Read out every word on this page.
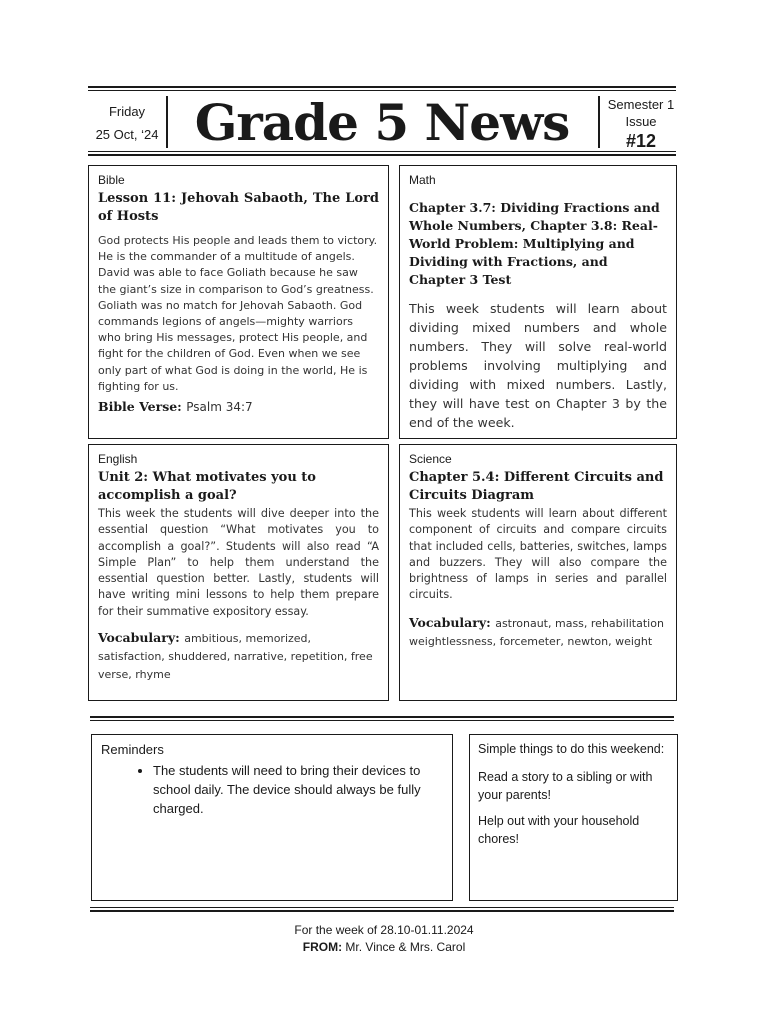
Friday
25 Oct, ‘24 Grade 5 News	Semester 1
Issue
#12
Bible
Lesson 11: Jehovah Sabaoth, The Lord of Hosts
God protects His people and leads them to victory. He is the commander of a multitude of angels. David was able to face Goliath because he saw the giant’s size in comparison to God’s greatness. Goliath was no match for Jehovah Sabaoth. God commands legions of angels—mighty warriors who bring His messages, protect His people, and fight for the children of God. Even when we see only part of what God is doing in the world, He is fighting for us.
Bible Verse: Psalm 34:7
Math
Chapter 3.7: Dividing Fractions and Whole Numbers, Chapter 3.8: Real-World Problem: Multiplying and Dividing with Fractions, and Chapter 3 Test
This week students will learn about dividing mixed numbers and whole numbers. They will solve real-world problems involving multiplying and dividing with mixed numbers. Lastly, they will have test on Chapter 3 by the end of the week.
English
Unit 2: What motivates you to accomplish a goal?
This week the students will dive deeper into the essential question “What motivates you to accomplish a goal?”. Students will also read “A Simple Plan” to help them understand the essential question better. Lastly, students will have writing mini lessons to help them prepare for their summative expository essay.
Vocabulary: ambitious, memorized, satisfaction, shuddered, narrative, repetition, free verse, rhyme
Science
Chapter 5.4: Different Circuits and Circuits Diagram
This week students will learn about different component of circuits and compare circuits that included cells, batteries, switches, lamps and buzzers. They will also compare the brightness of lamps in series and parallel circuits.
Vocabulary: astronaut, mass, rehabilitation weightlessness, forcemeter, newton, weight
Reminders
• The students will need to bring their devices to school daily. The device should always be fully charged.

Simple things to do this weekend:

Read a story to a sibling or with your parents!

Help out with your household chores!

For the week of 28.10-01.11.2024
FROM: Mr. Vince & Mrs. Carol
